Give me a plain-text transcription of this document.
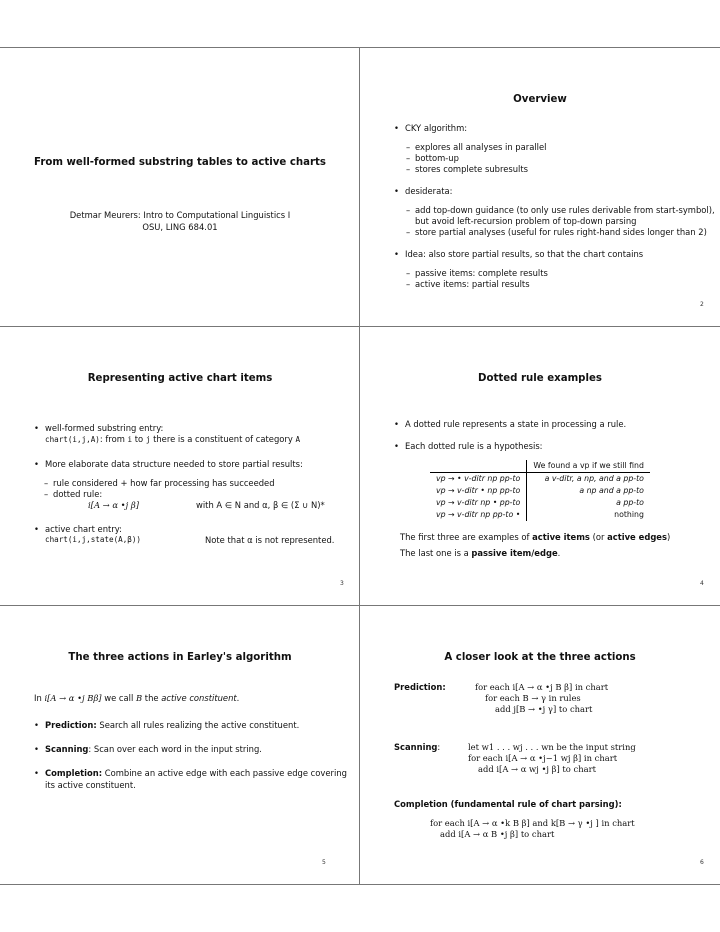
From well-formed substring tables to active charts
Detmar Meurers: Intro to Computational Linguistics I
OSU, LING 684.01
Overview
• CKY algorithm:
– explores all analyses in parallel
– bottom-up
– stores complete subresults
• desiderata:
– add top-down guidance (to only use rules derivable from start-symbol),
but avoid left-recursion problem of top-down parsing
– store partial analyses (useful for rules right-hand sides longer than 2)
• Idea: also store partial results, so that the chart contains
– passive items: complete results
– active items: partial results
2
Representing active chart items
• well-formed substring entry:
chart(i,j,A): from i to j there is a constituent of category A
• More elaborate data structure needed to store partial results:
– rule considered + how far processing has succeeded
– dotted rule:
i[A → α •j β]	with A ∈ N and α, β ∈ (Σ ∪ N)*
• active chart entry:
chart(i,j,state(A,β))	Note that α is not represented.
3
Dotted rule examples
• A dotted rule represents a state in processing a rule.
• Each dotted rule is a hypothesis:
	We found a vp if we still find
vp → • v-ditr np pp-to	a v-ditr, a np, and a pp-to
vp → v-ditr • np pp-to	a np and a pp-to
vp → v-ditr np • pp-to	a pp-to
vp → v-ditr np pp-to •	nothing
The first three are examples of active items (or active edges)
The last one is a passive item/edge.
4
The three actions in Earley's algorithm
In i[A → α •j Bβ] we call B the active constituent.
• Prediction: Search all rules realizing the active constituent.
• Scanning: Scan over each word in the input string.
• Completion: Combine an active edge with each passive edge covering
its active constituent.
5
A closer look at the three actions
Prediction:	for each i[A → α •j B β] in chart
for each B → γ in rules
add j[B → •j γ] to chart
Scanning:	let w1 . . . wj . . . wn be the input string
for each i[A → α •j−1 wj β] in chart
add i[A → α wj •j β] to chart
Completion (fundamental rule of chart parsing):
for each i[A → α •k B β] and k[B → γ •j ] in chart
add i[A → α B •j β] to chart
6
